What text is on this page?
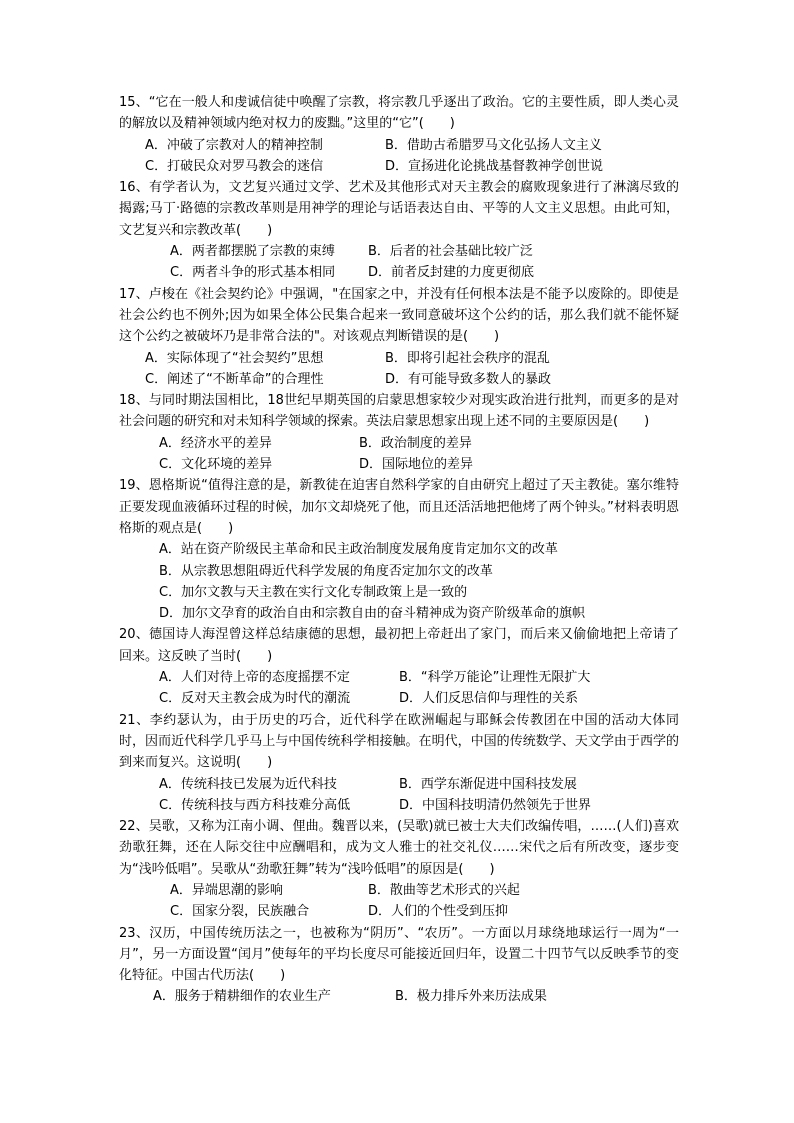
15、“它在一般人和虔诚信徒中唤醒了宗教，将宗教几乎逐出了政治。它的主要性质，即人类心灵的解放以及精神领域内绝对权力的废黜。”这里的“它”(　　)

A．冲破了宗教对人的精神控制	B．借助古希腊罗马文化弘扬人文主义
C．打破民众对罗马教会的迷信	D．宣扬进化论挑战基督教神学创世说

16、有学者认为，文艺复兴通过文学、艺术及其他形式对天主教会的腐败现象进行了淋漓尽致的揭露;马丁·路德的宗教改革则是用神学的理论与话语表达自由、平等的人文主义思想。由此可知，文艺复兴和宗教改革(　　)

A．两者都摆脱了宗教的束缚	B．后者的社会基础比较广泛
C．两者斗争的形式基本相同	D．前者反封建的力度更彻底

17、卢梭在《社会契约论》中强调，"在国家之中，并没有任何根本法是不能予以废除的。即使是社会公约也不例外;因为如果全体公民集合起来一致同意破坏这个公约的话，那么我们就不能怀疑这个公约之被破坏乃是非常合法的"。对该观点判断错误的是(　　)

A．实际体现了“社会契约”思想	B．即将引起社会秩序的混乱
C．阐述了“不断革命”的合理性	D．有可能导致多数人的暴政

18、与同时期法国相比，18世纪早期英国的启蒙思想家较少对现实政治进行批判，而更多的是对社会问题的研究和对未知科学领域的探索。英法启蒙思想家出现上述不同的主要原因是(　　)

A．经济水平的差异	B．政治制度的差异
C．文化环境的差异	D．国际地位的差异

19、恩格斯说“值得注意的是，新教徒在迫害自然科学家的自由研究上超过了天主教徒。塞尔维特正要发现血液循环过程的时候，加尔文却烧死了他，而且还活活地把他烤了两个钟头。”材料表明恩格斯的观点是(　　)

A．站在资产阶级民主革命和民主政治制度发展角度肯定加尔文的改革
B．从宗教思想阻碍近代科学发展的角度否定加尔文的改革
C．加尔文教与天主教在实行文化专制政策上是一致的
D．加尔文孕育的政治自由和宗教自由的奋斗精神成为资产阶级革命的旗帜

20、德国诗人海涅曾这样总结康德的思想，最初把上帝赶出了家门，而后来又偷偷地把上帝请了回来。这反映了当时(　　)

A．人们对待上帝的态度摇摆不定	B．“科学万能论”让理性无限扩大
C．反对天主教会成为时代的潮流	D．人们反思信仰与理性的关系

21、李约瑟认为，由于历史的巧合，近代科学在欧洲崛起与耶稣会传教团在中国的活动大体同时，因而近代科学几乎马上与中国传统科学相接触。在明代，中国的传统数学、天文学由于西学的到来而复兴。这说明(　　)

A．传统科技已发展为近代科技	B．西学东渐促进中国科技发展
C．传统科技与西方科技难分高低	D．中国科技明清仍然领先于世界

22、吴歌，又称为江南小调、俚曲。魏晋以来，(吴歌)就已被士大夫们改编传唱，……(人们)喜欢劲歌狂舞，还在人际交往中应酬唱和，成为文人雅士的社交礼仪……宋代之后有所改变，逐步变为“浅吟低唱”。吴歌从“劲歌狂舞”转为“浅吟低唱”的原因是(　　)

A．异端思潮的影响	B．散曲等艺术形式的兴起
C．国家分裂，民族融合	D．人们的个性受到压抑

23、汉历，中国传统历法之一，也被称为“阴历”、“农历”。一方面以月球绕地球运行一周为“一月”，另一方面设置“闰月”使每年的平均长度尽可能接近回归年，设置二十四节气以反映季节的变化特征。中国古代历法(　　)

A．服务于精耕细作的农业生产	B．极力排斥外来历法成果
